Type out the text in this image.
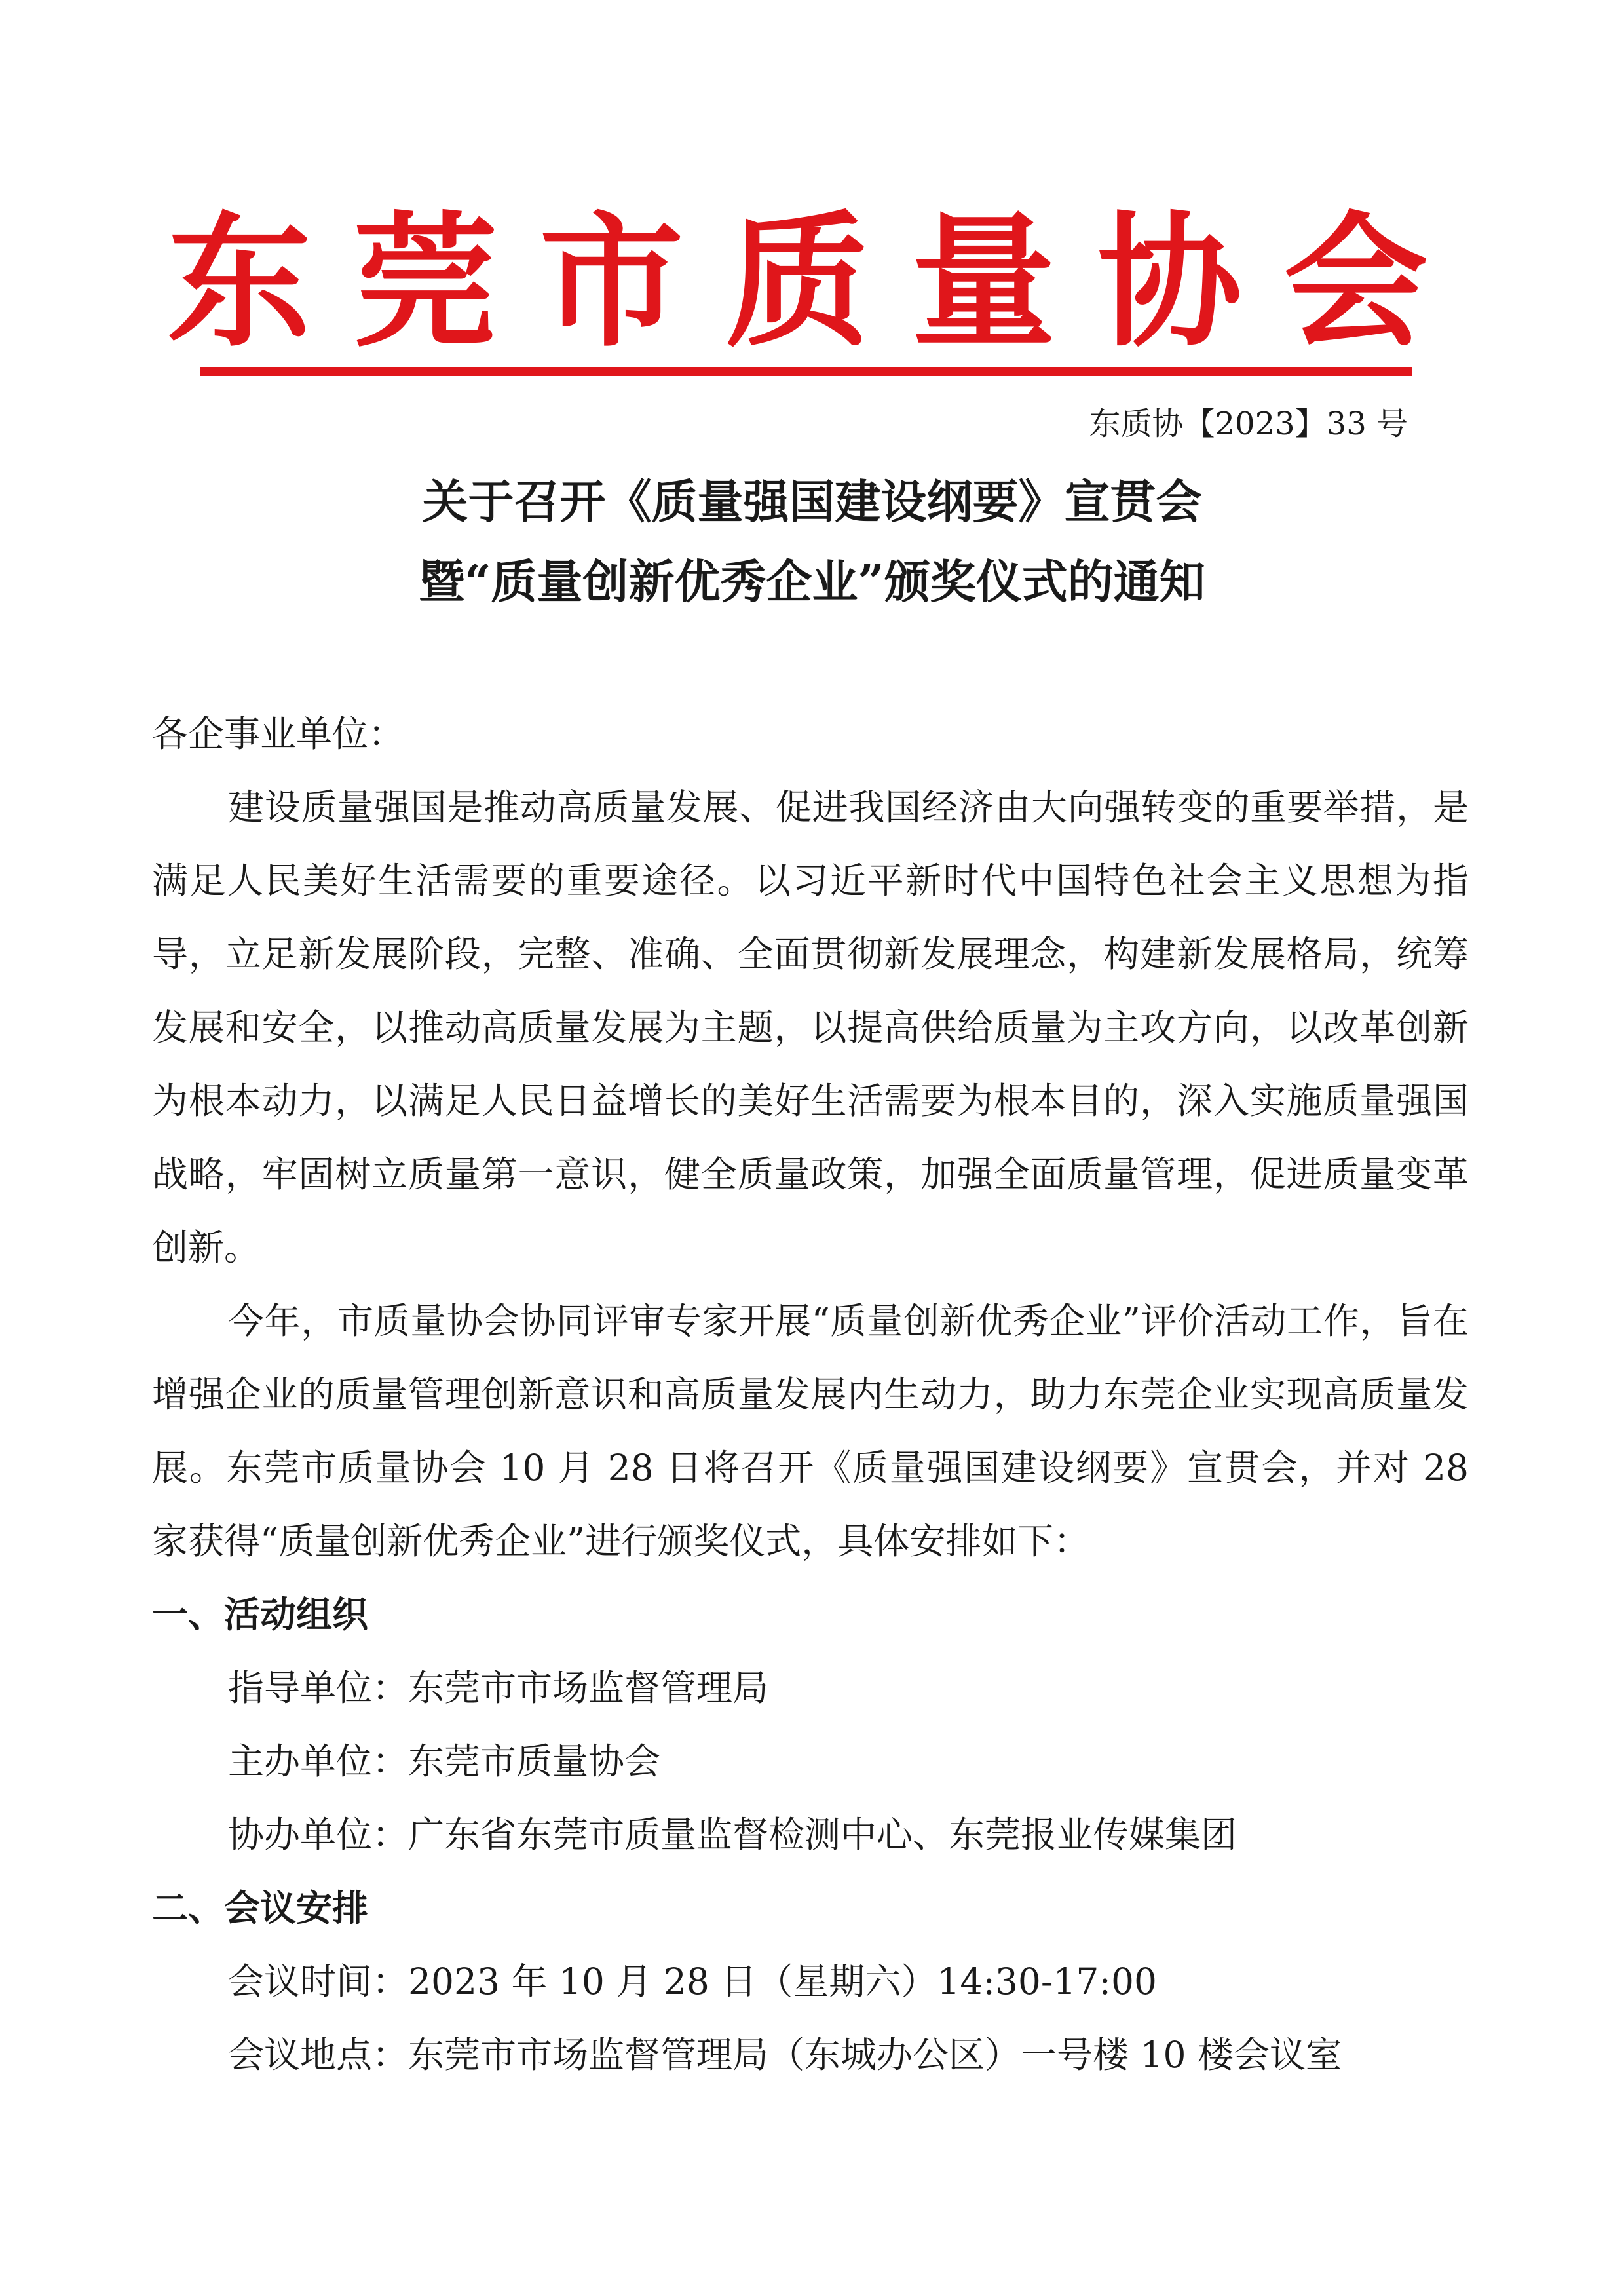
东莞市质量协会
东质协【2023】33 号
关于召开《质量强国建设纲要》宣贯会
暨“质量创新优秀企业”颁奖仪式的通知

各企事业单位：

建设质量强国是推动高质量发展、促进我国经济由大向强转变的重要举措，是满足人民美好生活需要的重要途径。以习近平新时代中国特色社会主义思想为指导，立足新发展阶段，完整、准确、全面贯彻新发展理念，构建新发展格局，统筹发展和安全，以推动高质量发展为主题，以提高供给质量为主攻方向，以改革创新为根本动力，以满足人民日益增长的美好生活需要为根本目的，深入实施质量强国战略，牢固树立质量第一意识，健全质量政策，加强全面质量管理，促进质量变革创新。

今年，市质量协会协同评审专家开展“质量创新优秀企业”评价活动工作，旨在增强企业的质量管理创新意识和高质量发展内生动力，助力东莞企业实现高质量发展。东莞市质量协会 10 月 28 日将召开《质量强国建设纲要》宣贯会，并对 28 家获得“质量创新优秀企业”进行颁奖仪式，具体安排如下：

一、活动组织

指导单位：东莞市市场监督管理局

主办单位：东莞市质量协会

协办单位：广东省东莞市质量监督检测中心、东莞报业传媒集团

二、会议安排

会议时间：2023 年 10 月 28 日（星期六）14:30-17:00

会议地点：东莞市市场监督管理局（东城办公区）一号楼 10 楼会议室
